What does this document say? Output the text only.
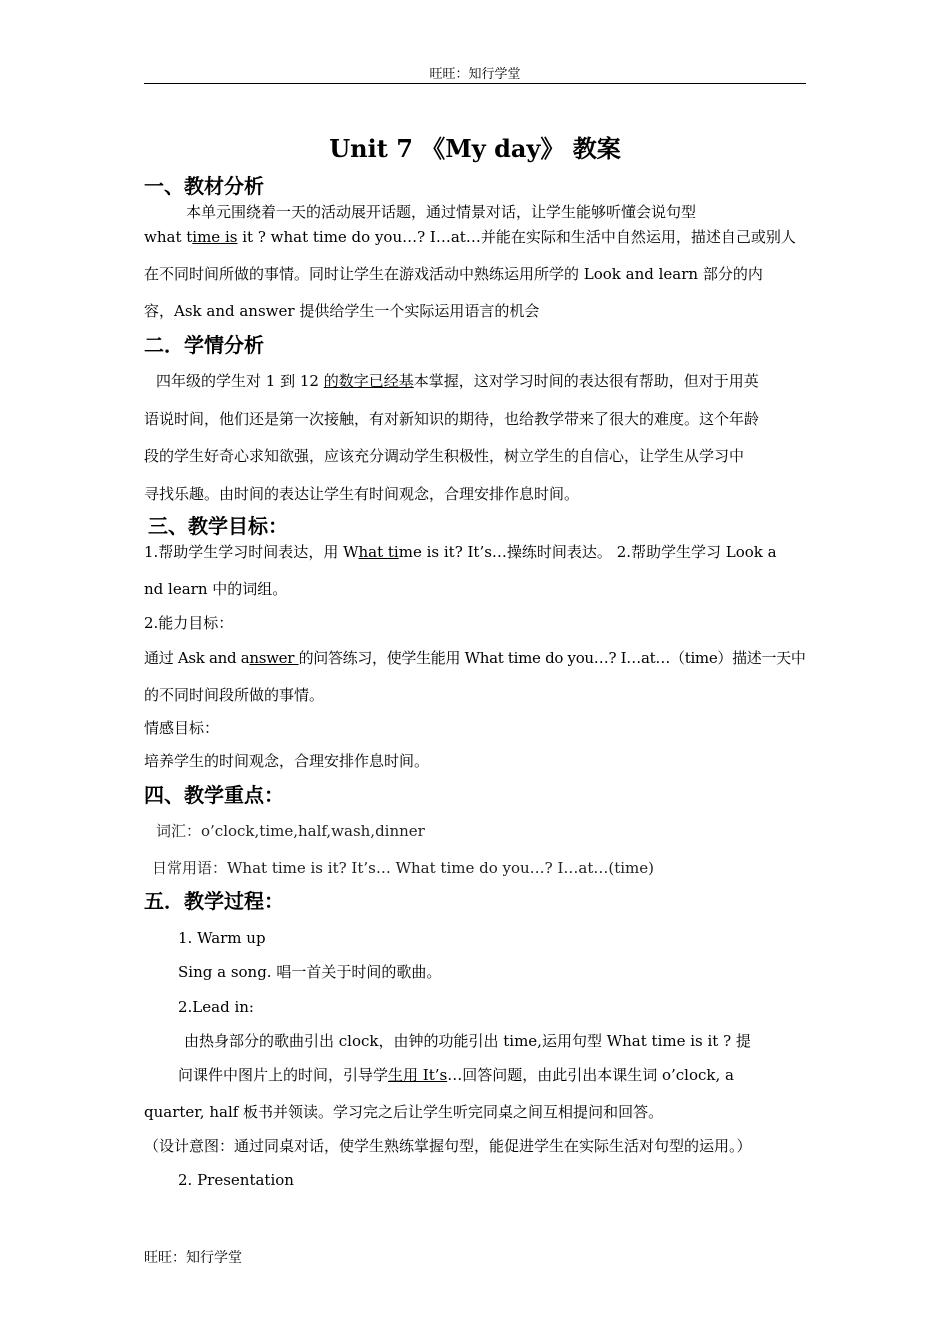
旺旺：知行学堂
Unit 7 《My day》 教案
一、教材分析
本单元围绕着一天的活动展开话题，通过情景对话，让学生能够听懂会说句型
what time is it ? what time do you…? I…at…并能在实际和生活中自然运用，描述自己或别人
在不同时间所做的事情。同时让学生在游戏活动中熟练运用所学的 Look and learn 部分的内
容，Ask and answer 提供给学生一个实际运用语言的机会
二．学情分析
四年级的学生对 1 到 12 的数字已经基本掌握，这对学习时间的表达很有帮助，但对于用英
语说时间，他们还是第一次接触，有对新知识的期待，也给教学带来了很大的难度。这个年龄
段的学生好奇心求知欲强，应该充分调动学生积极性，树立学生的自信心，让学生从学习中
寻找乐趣。由时间的表达让学生有时间观念，合理安排作息时间。
三、教学目标：
1.帮助学生学习时间表达，用 What time is it? It’s…操练时间表达。 2.帮助学生学习 Look a
nd learn 中的词组。
2.能力目标：
通过 Ask and answer 的问答练习，使学生能用 What time do you…? I…at…（time）描述一天中
的不同时间段所做的事情。
情感目标：
培养学生的时间观念，合理安排作息时间。
四、教学重点：
词汇：o’clock,time,half,wash,dinner
日常用语：What time is it? It’s… What time do you…? I…at…(time)
五．教学过程：
1. Warm up
Sing a song. 唱一首关于时间的歌曲。
2.Lead in:
由热身部分的歌曲引出 clock，由钟的功能引出 time,运用句型 What time is it ? 提
问课件中图片上的时间，引导学生用 It’s…回答问题，由此引出本课生词 o’clock, a
quarter, half 板书并领读。学习完之后让学生听完同桌之间互相提问和回答。
（设计意图：通过同桌对话，使学生熟练掌握句型，能促进学生在实际生活对句型的运用。）
2. Presentation
旺旺：知行学堂
